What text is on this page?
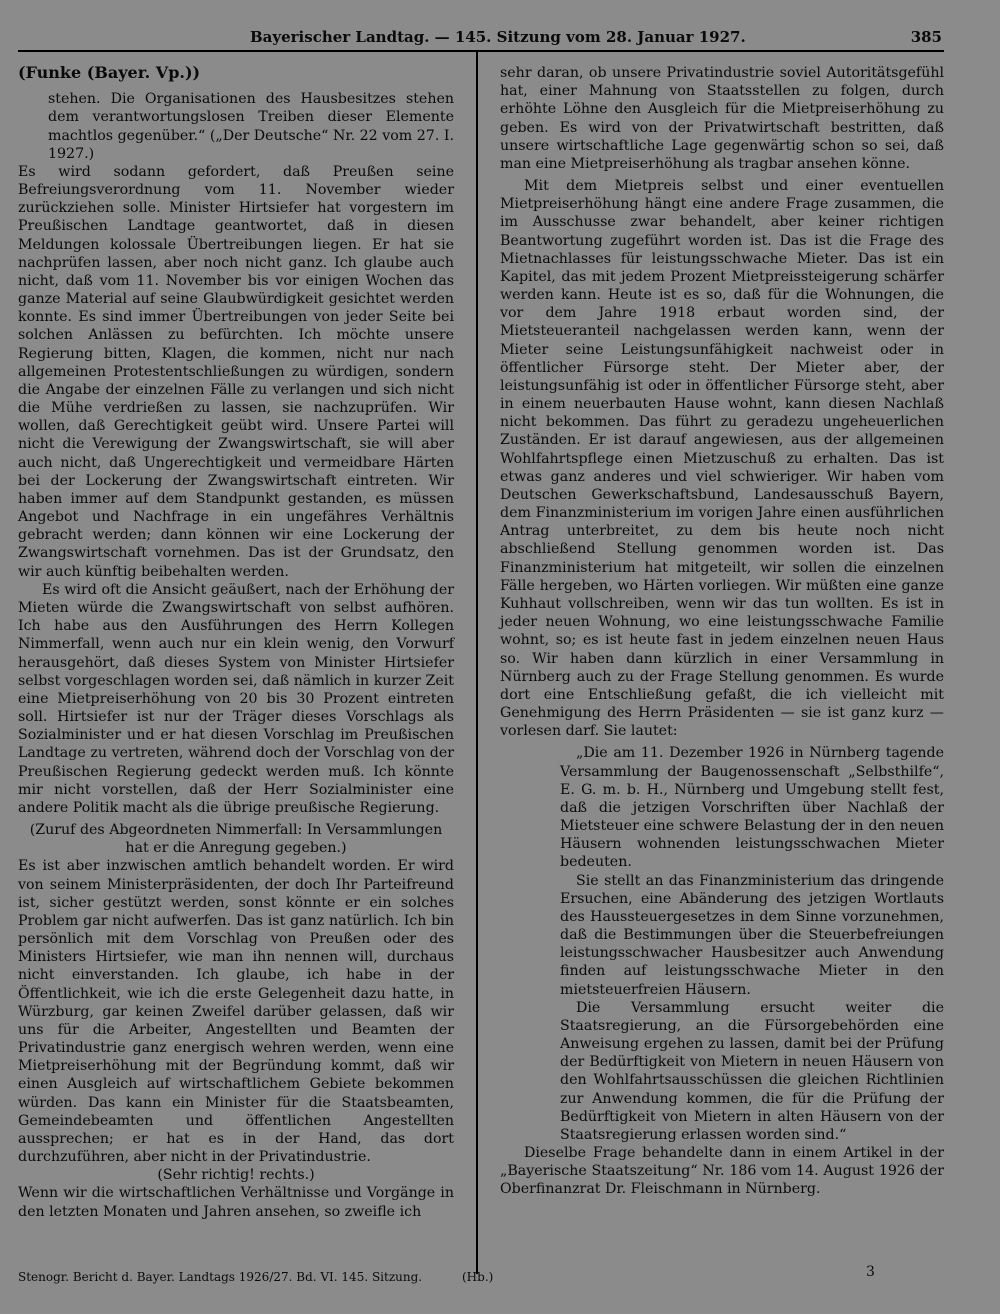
Bayerischer Landtag. — 145. Sitzung vom 28. Januar 1927.	385
(Funke (Bayer. Vp.))

stehen. Die Organisationen des Hausbesitzes stehen dem verantwortungslosen Treiben dieser Elemente machtlos gegenüber.“ („Der Deutsche“ Nr. 22 vom 27. I. 1927.)

Es wird sodann gefordert, daß Preußen seine Befreiungsverordnung vom 11. November wieder zurückziehen solle. Minister Hirtsiefer hat vorgestern im Preußischen Landtage geantwortet, daß in diesen Meldungen kolossale Übertreibungen liegen. Er hat sie nachprüfen lassen, aber noch nicht ganz. Ich glaube auch nicht, daß vom 11. November bis vor einigen Wochen das ganze Material auf seine Glaubwürdigkeit gesichtet werden konnte. Es sind immer Übertreibungen von jeder Seite bei solchen Anlässen zu befürchten. Ich möchte unsere Regierung bitten, Klagen, die kommen, nicht nur nach allgemeinen Protestentschließungen zu würdigen, sondern die Angabe der einzelnen Fälle zu verlangen und sich nicht die Mühe verdrießen zu lassen, sie nachzuprüfen. Wir wollen, daß Gerechtigkeit geübt wird. Unsere Partei will nicht die Verewigung der Zwangswirtschaft, sie will aber auch nicht, daß Ungerechtigkeit und vermeidbare Härten bei der Lockerung der Zwangswirtschaft eintreten. Wir haben immer auf dem Standpunkt gestanden, es müssen Angebot und Nachfrage in ein ungefähres Verhältnis gebracht werden; dann können wir eine Lockerung der Zwangswirtschaft vornehmen. Das ist der Grundsatz, den wir auch künftig beibehalten werden.

Es wird oft die Ansicht geäußert, nach der Erhöhung der Mieten würde die Zwangswirtschaft von selbst aufhören. Ich habe aus den Ausführungen des Herrn Kollegen Nimmerfall, wenn auch nur ein klein wenig, den Vorwurf herausgehört, daß dieses System von Minister Hirtsiefer selbst vorgeschlagen worden sei, daß nämlich in kurzer Zeit eine Mietpreiserhöhung von 20 bis 30 Prozent eintreten soll. Hirtsiefer ist nur der Träger dieses Vorschlags als Sozialminister und er hat diesen Vorschlag im Preußischen Landtage zu vertreten, während doch der Vorschlag von der Preußischen Regierung gedeckt werden muß. Ich könnte mir nicht vorstellen, daß der Herr Sozialminister eine andere Politik macht als die übrige preußische Regierung.

(Zuruf des Abgeordneten Nimmerfall: In Versammlungen hat er die Anregung gegeben.)

Es ist aber inzwischen amtlich behandelt worden. Er wird von seinem Ministerpräsidenten, der doch Ihr Parteifreund ist, sicher gestützt werden, sonst könnte er ein solches Problem gar nicht aufwerfen. Das ist ganz natürlich. Ich bin persönlich mit dem Vorschlag von Preußen oder des Ministers Hirtsiefer, wie man ihn nennen will, durchaus nicht einverstanden. Ich glaube, ich habe in der Öffentlichkeit, wie ich die erste Gelegenheit dazu hatte, in Würzburg, gar keinen Zweifel darüber gelassen, daß wir uns für die Arbeiter, Angestellten und Beamten der Privatindustrie ganz energisch wehren werden, wenn eine Mietpreiserhöhung mit der Begründung kommt, daß wir einen Ausgleich auf wirtschaftlichem Gebiete bekommen würden. Das kann ein Minister für die Staatsbeamten, Gemeindebeamten und öffentlichen Angestellten aussprechen; er hat es in der Hand, das dort durchzuführen, aber nicht in der Privatindustrie.

(Sehr richtig! rechts.)

Wenn wir die wirtschaftlichen Verhältnisse und Vorgänge in den letzten Monaten und Jahren ansehen, so zweifle ich

sehr daran, ob unsere Privatindustrie soviel Autoritätsgefühl hat, einer Mahnung von Staatsstellen zu folgen, durch erhöhte Löhne den Ausgleich für die Mietpreiserhöhung zu geben. Es wird von der Privatwirtschaft bestritten, daß unsere wirtschaftliche Lage gegenwärtig schon so sei, daß man eine Mietpreiserhöhung als tragbar ansehen könne.

Mit dem Mietpreis selbst und einer eventuellen Mietpreiserhöhung hängt eine andere Frage zusammen, die im Ausschusse zwar behandelt, aber keiner richtigen Beantwortung zugeführt worden ist. Das ist die Frage des Mietnachlasses für leistungsschwache Mieter. Das ist ein Kapitel, das mit jedem Prozent Mietpreissteigerung schärfer werden kann. Heute ist es so, daß für die Wohnungen, die vor dem Jahre 1918 erbaut worden sind, der Mietsteueranteil nachgelassen werden kann, wenn der Mieter seine Leistungsunfähigkeit nachweist oder in öffentlicher Fürsorge steht. Der Mieter aber, der leistungsunfähig ist oder in öffentlicher Fürsorge steht, aber in einem neuerbauten Hause wohnt, kann diesen Nachlaß nicht bekommen. Das führt zu geradezu ungeheuerlichen Zuständen. Er ist darauf angewiesen, aus der allgemeinen Wohlfahrtspflege einen Mietzuschuß zu erhalten. Das ist etwas ganz anderes und viel schwieriger. Wir haben vom Deutschen Gewerkschaftsbund, Landesausschuß Bayern, dem Finanzministerium im vorigen Jahre einen ausführlichen Antrag unterbreitet, zu dem bis heute noch nicht abschließend Stellung genommen worden ist. Das Finanzministerium hat mitgeteilt, wir sollen die einzelnen Fälle hergeben, wo Härten vorliegen. Wir müßten eine ganze Kuhhaut vollschreiben, wenn wir das tun wollten. Es ist in jeder neuen Wohnung, wo eine leistungsschwache Familie wohnt, so; es ist heute fast in jedem einzelnen neuen Haus so. Wir haben dann kürzlich in einer Versammlung in Nürnberg auch zu der Frage Stellung genommen. Es wurde dort eine Entschließung gefaßt, die ich vielleicht mit Genehmigung des Herrn Präsidenten — sie ist ganz kurz — vorlesen darf. Sie lautet:

„Die am 11. Dezember 1926 in Nürnberg tagende Versammlung der Baugenossenschaft „Selbsthilfe“, E. G. m. b. H., Nürnberg und Umgebung stellt fest, daß die jetzigen Vorschriften über Nachlaß der Mietsteuer eine schwere Belastung der in den neuen Häusern wohnenden leistungsschwachen Mieter bedeuten.

Sie stellt an das Finanzministerium das dringende Ersuchen, eine Abänderung des jetzigen Wortlauts des Haussteuergesetzes in dem Sinne vorzunehmen, daß die Bestimmungen über die Steuerbefreiungen leistungsschwacher Hausbesitzer auch Anwendung finden auf leistungsschwache Mieter in den mietsteuerfreien Häusern.

Die Versammlung ersucht weiter die Staatsregierung, an die Fürsorgebehörden eine Anweisung ergehen zu lassen, damit bei der Prüfung der Bedürftigkeit von Mietern in neuen Häusern von den Wohlfahrtsausschüssen die gleichen Richtlinien zur Anwendung kommen, die für die Prüfung der Bedürftigkeit von Mietern in alten Häusern von der Staatsregierung erlassen worden sind.“

Dieselbe Frage behandelte dann in einem Artikel in der „Bayerische Staatszeitung“ Nr. 186 vom 14. August 1926 der Oberfinanzrat Dr. Fleischmann in Nürnberg.

Stenogr. Bericht d. Bayer. Landtags 1926/27. Bd. VI. 145. Sitzung.	(Hb.)	3
